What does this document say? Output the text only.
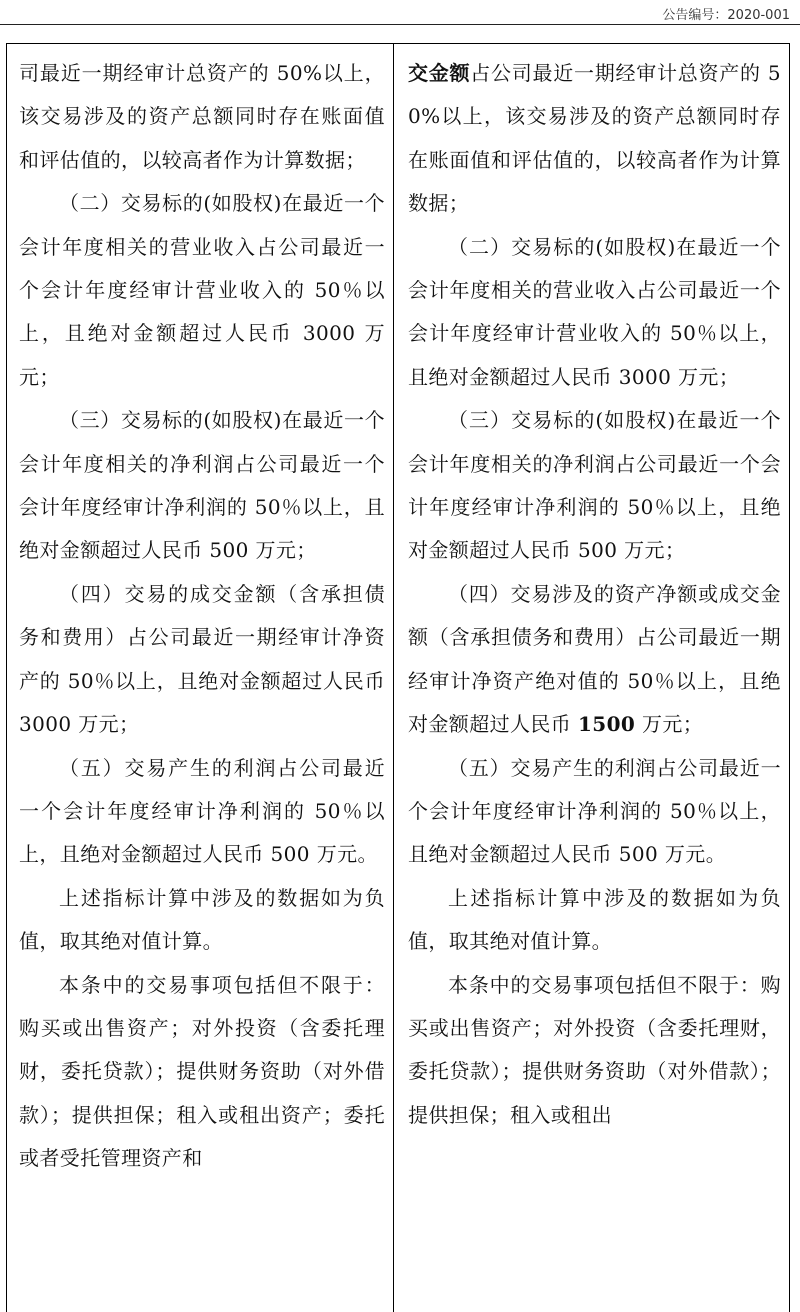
公告编号：2020-001

司最近一期经审计总资产的 50%以上，该交易涉及的资产总额同时存在账面值和评估值的，以较高者作为计算数据；

（二）交易标的(如股权)在最近一个会计年度相关的营业收入占公司最近一个会计年度经审计营业收入的 50％以上，且绝对金额超过人民币 3000 万元；

（三）交易标的(如股权)在最近一个会计年度相关的净利润占公司最近一个会计年度经审计净利润的 50％以上，且绝对金额超过人民币 500 万元；

（四）交易的成交金额（含承担债务和费用）占公司最近一期经审计净资产的 50％以上，且绝对金额超过人民币 3000 万元；

（五）交易产生的利润占公司最近一个会计年度经审计净利润的 50％以上，且绝对金额超过人民币 500 万元。

上述指标计算中涉及的数据如为负值，取其绝对值计算。

本条中的交易事项包括但不限于：购买或出售资产；对外投资（含委托理财，委托贷款）；提供财务资助（对外借款）；提供担保；租入或租出资产；委托或者受托管理资产和

交金额占公司最近一期经审计总资产的 50%以上，该交易涉及的资产总额同时存在账面值和评估值的，以较高者作为计算数据；

（二）交易标的(如股权)在最近一个会计年度相关的营业收入占公司最近一个会计年度经审计营业收入的 50％以上，且绝对金额超过人民币 3000 万元；

（三）交易标的(如股权)在最近一个会计年度相关的净利润占公司最近一个会计年度经审计净利润的 50％以上，且绝对金额超过人民币 500 万元；

（四）交易涉及的资产净额或成交金额（含承担债务和费用）占公司最近一期经审计净资产绝对值的 50％以上，且绝对金额超过人民币 1500 万元；

（五）交易产生的利润占公司最近一个会计年度经审计净利润的 50％以上，且绝对金额超过人民币 500 万元。

上述指标计算中涉及的数据如为负值，取其绝对值计算。

本条中的交易事项包括但不限于：购买或出售资产；对外投资（含委托理财，委托贷款）；提供财务资助（对外借款）；提供担保；租入或租出
